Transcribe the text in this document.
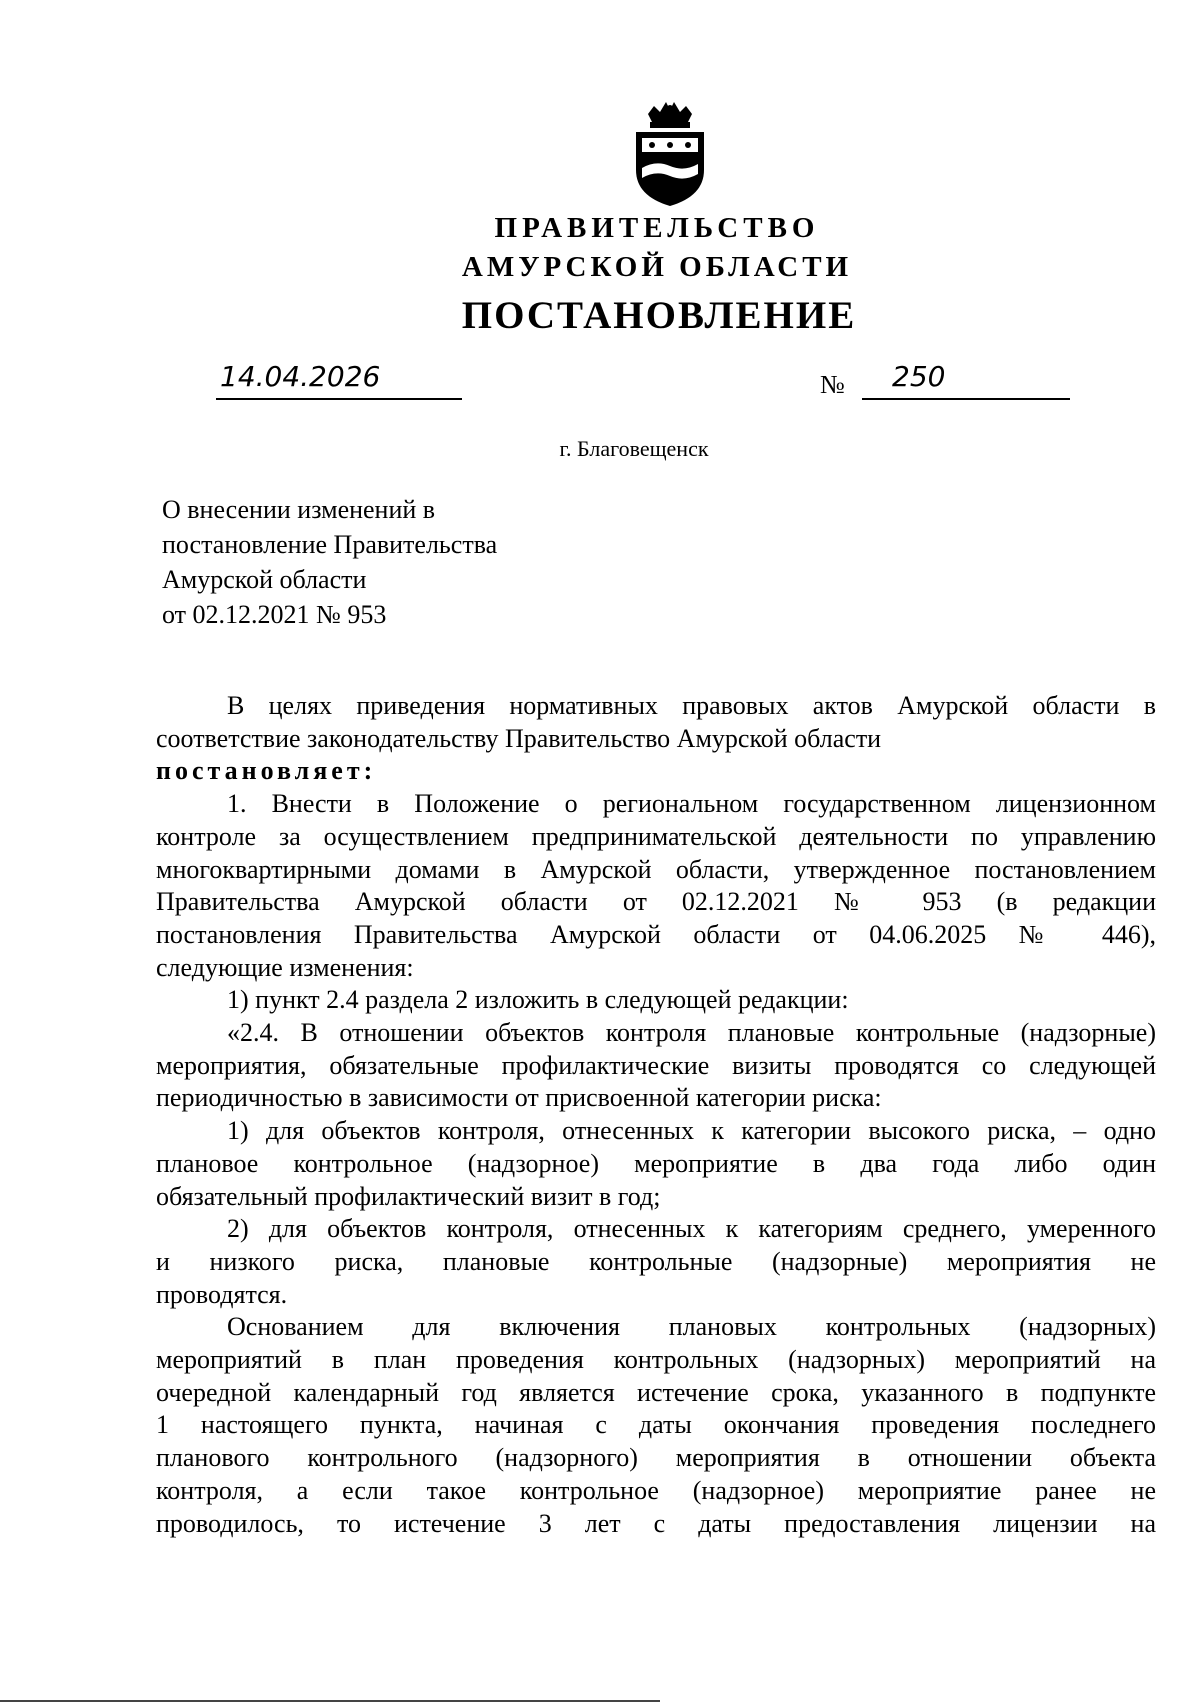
ПРАВИТЕЛЬСТВО
АМУРСКОЙ ОБЛАСТИ
ПОСТАНОВЛЕНИЕ
14.04.2026	№ 250
г. Благовещенск
О внесении изменений в
постановление Правительства
Амурской области
от 02.12.2021 № 953
В целях приведения нормативных правовых актов Амурской области в
соответствие законодательству Правительство Амурской области
постановляет:
1. Внести в Положение о региональном государственном лицензионном
контроле за осуществлением предпринимательской деятельности по управлению
многоквартирными домами в Амурской области, утвержденное постановлением
Правительства Амурской области от 02.12.2021 № 953 (в редакции
постановления Правительства Амурской области от 04.06.2025 № 446),
следующие изменения:
1) пункт 2.4 раздела 2 изложить в следующей редакции:
«2.4. В отношении объектов контроля плановые контрольные (надзорные)
мероприятия, обязательные профилактические визиты проводятся со следующей
периодичностью в зависимости от присвоенной категории риска:
1) для объектов контроля, отнесенных к категории высокого риска, – одно
плановое контрольное (надзорное) мероприятие в два года либо один
обязательный профилактический визит в год;
2) для объектов контроля, отнесенных к категориям среднего, умеренного
и низкого риска, плановые контрольные (надзорные) мероприятия не
проводятся.
Основанием для включения плановых контрольных (надзорных)
мероприятий в план проведения контрольных (надзорных) мероприятий на
очередной календарный год является истечение срока, указанного в подпункте
1 настоящего пункта, начиная с даты окончания проведения последнего
планового контрольного (надзорного) мероприятия в отношении объекта
контроля, а если такое контрольное (надзорное) мероприятие ранее не
проводилось, то истечение 3 лет с даты предоставления лицензии на
